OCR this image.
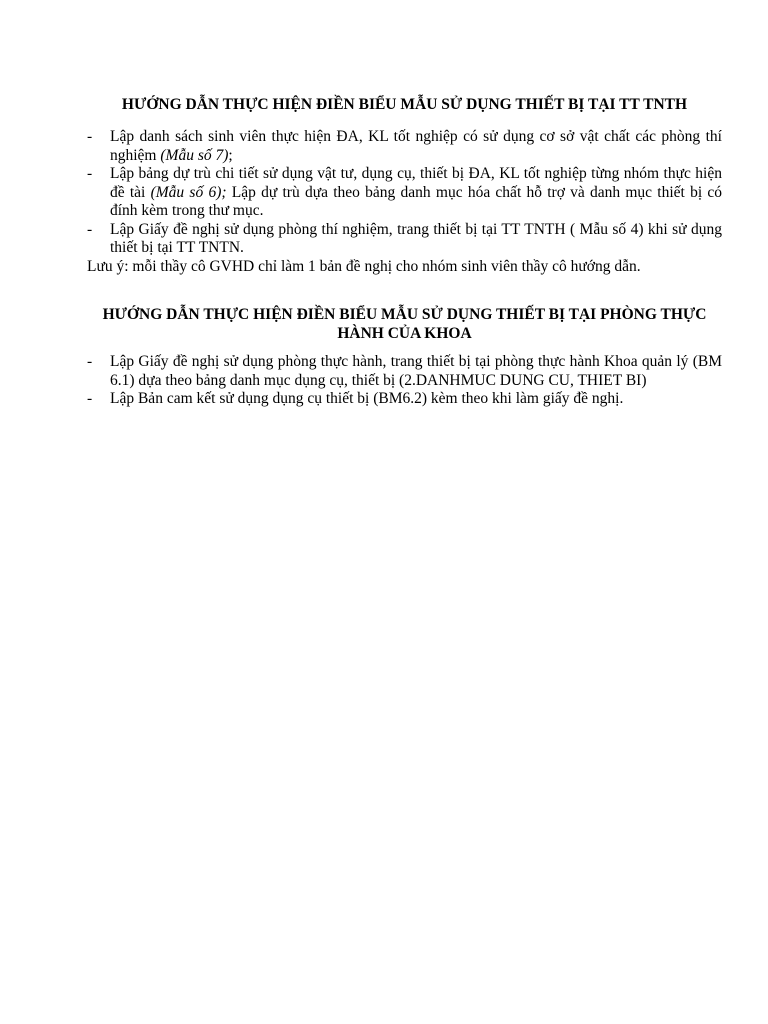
HƯỚNG DẪN THỰC HIỆN ĐIỀN BIỂU MẪU SỬ DỤNG THIẾT BỊ TẠI TT TNTH
- Lập danh sách sinh viên thực hiện ĐA, KL tốt nghiệp có sử dụng cơ sở vật chất các phòng thí nghiệm (Mẫu số 7);
- Lập bảng dự trù chi tiết sử dụng vật tư, dụng cụ, thiết bị ĐA, KL tốt nghiệp từng nhóm thực hiện đề tài (Mẫu số 6); Lập dự trù dựa theo bảng danh mục hóa chất hỗ trợ và danh mục thiết bị có đính kèm trong thư mục.
- Lập Giấy đề nghị sử dụng phòng thí nghiệm, trang thiết bị tại TT TNTH ( Mẫu số 4) khi sử dụng thiết bị tại TT TNTN.

Lưu ý: mỗi thầy cô GVHD chỉ làm 1 bản đề nghị cho nhóm sinh viên thầy cô hướng dẫn.

HƯỚNG DẪN THỰC HIỆN ĐIỀN BIỂU MẪU SỬ DỤNG THIẾT BỊ TẠI PHÒNG THỰC HÀNH CỦA KHOA
- Lập Giấy đề nghị sử dụng phòng thực hành, trang thiết bị tại phòng thực hành Khoa quản lý (BM 6.1) dựa theo bảng danh mục dụng cụ, thiết bị (2.DANHMUC DUNG CU, THIET BI)
- Lập Bản cam kết sử dụng dụng cụ thiết bị (BM6.2) kèm theo khi làm giấy đề nghị.
